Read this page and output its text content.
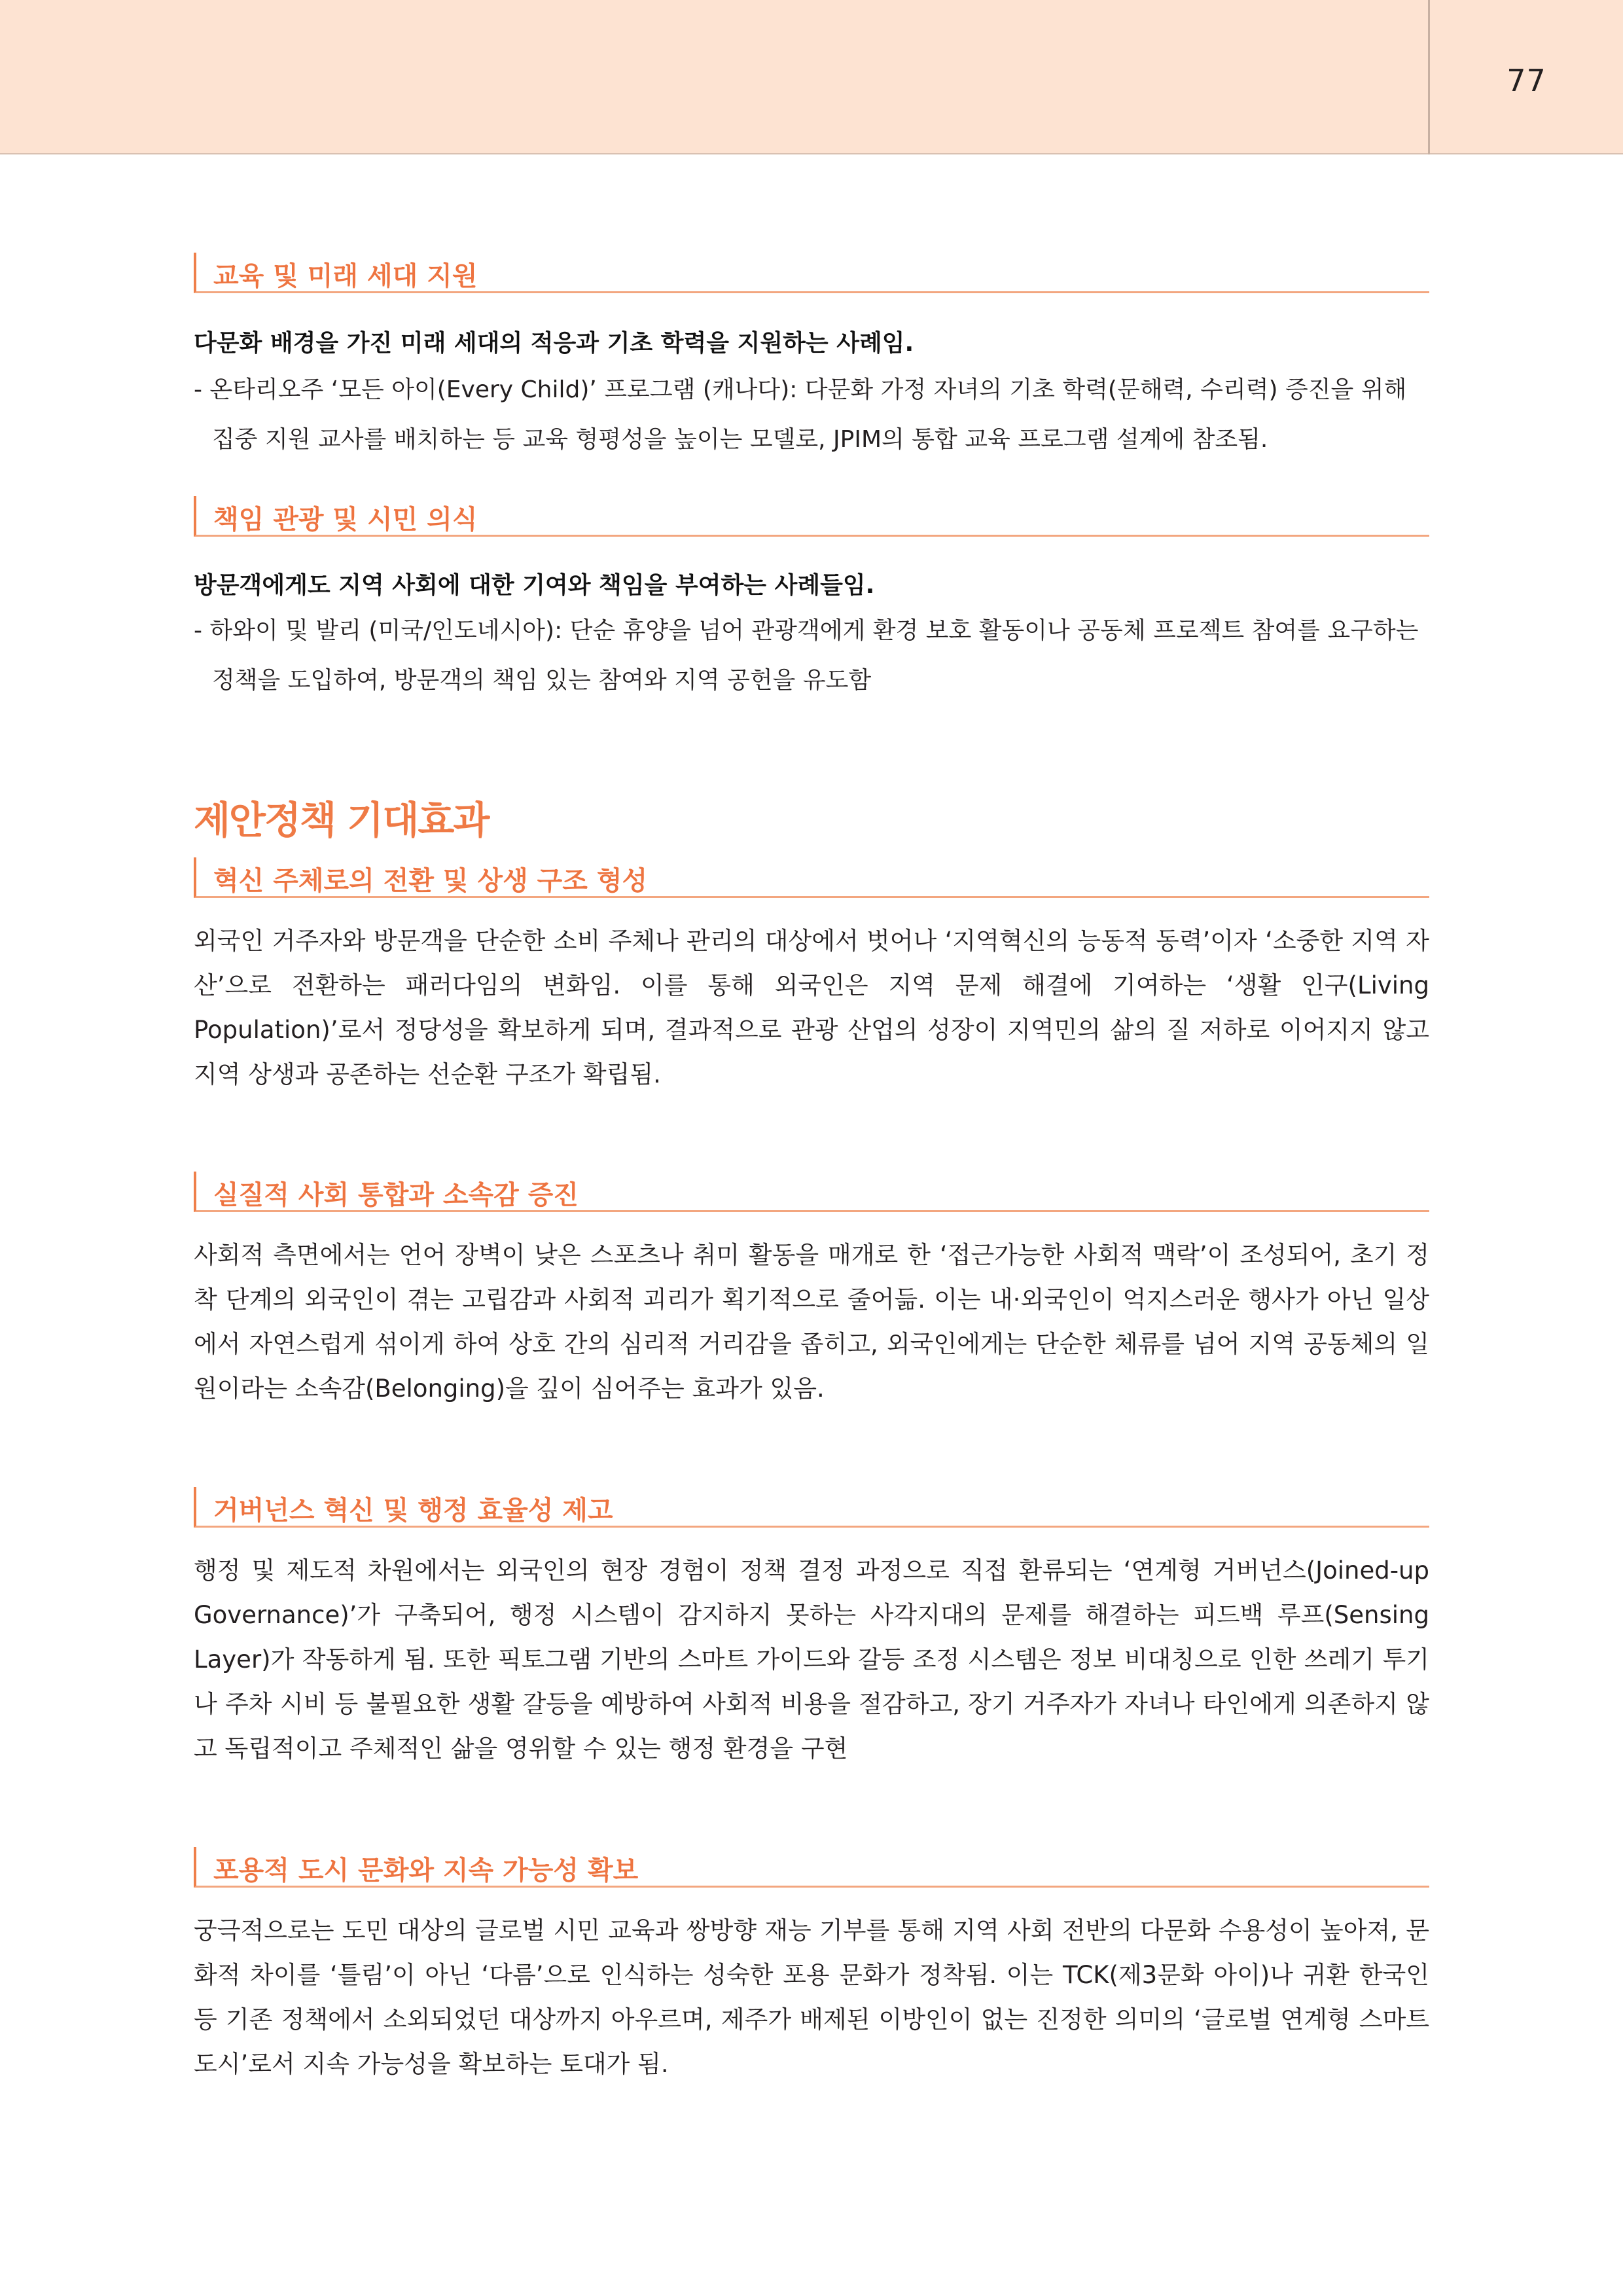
77
교육 및 미래 세대 지원
다문화 배경을 가진 미래 세대의 적응과 기초 학력을 지원하는 사례임.
- 온타리오주 ‘모든 아이(Every Child)’ 프로그램 (캐나다): 다문화 가정 자녀의 기초 학력(문해력, 수리력) 증진을 위해 집중 지원 교사를 배치하는 등 교육 형평성을 높이는 모델로, JPIM의 통합 교육 프로그램 설계에 참조됨.
책임 관광 및 시민 의식
방문객에게도 지역 사회에 대한 기여와 책임을 부여하는 사례들임.
- 하와이 및 발리 (미국/인도네시아): 단순 휴양을 넘어 관광객에게 환경 보호 활동이나 공동체 프로젝트 참여를 요구하는 정책을 도입하여, 방문객의 책임 있는 참여와 지역 공헌을 유도함
제안정책 기대효과
혁신 주체로의 전환 및 상생 구조 형성
외국인 거주자와 방문객을 단순한 소비 주체나 관리의 대상에서 벗어나 ‘지역혁신의 능동적 동력’이자 ‘소중한 지역 자산’으로 전환하는 패러다임의 변화임. 이를 통해 외국인은 지역 문제 해결에 기여하는 ‘생활 인구(Living Population)’로서 정당성을 확보하게 되며, 결과적으로 관광 산업의 성장이 지역민의 삶의 질 저하로 이어지지 않고 지역 상생과 공존하는 선순환 구조가 확립됨.
실질적 사회 통합과 소속감 증진
사회적 측면에서는 언어 장벽이 낮은 스포츠나 취미 활동을 매개로 한 ‘접근가능한 사회적 맥락’이 조성되어, 초기 정착 단계의 외국인이 겪는 고립감과 사회적 괴리가 획기적으로 줄어듦. 이는 내·외국인이 억지스러운 행사가 아닌 일상에서 자연스럽게 섞이게 하여 상호 간의 심리적 거리감을 좁히고, 외국인에게는 단순한 체류를 넘어 지역 공동체의 일원이라는 소속감(Belonging)을 깊이 심어주는 효과가 있음.
거버넌스 혁신 및 행정 효율성 제고
행정 및 제도적 차원에서는 외국인의 현장 경험이 정책 결정 과정으로 직접 환류되는 ‘연계형 거버넌스(Joined-up Governance)’가 구축되어, 행정 시스템이 감지하지 못하는 사각지대의 문제를 해결하는 피드백 루프(Sensing Layer)가 작동하게 됨. 또한 픽토그램 기반의 스마트 가이드와 갈등 조정 시스템은 정보 비대칭으로 인한 쓰레기 투기나 주차 시비 등 불필요한 생활 갈등을 예방하여 사회적 비용을 절감하고, 장기 거주자가 자녀나 타인에게 의존하지 않고 독립적이고 주체적인 삶을 영위할 수 있는 행정 환경을 구현
포용적 도시 문화와 지속 가능성 확보
궁극적으로는 도민 대상의 글로벌 시민 교육과 쌍방향 재능 기부를 통해 지역 사회 전반의 다문화 수용성이 높아져, 문화적 차이를 ‘틀림’이 아닌 ‘다름’으로 인식하는 성숙한 포용 문화가 정착됨. 이는 TCK(제3문화 아이)나 귀환 한국인 등 기존 정책에서 소외되었던 대상까지 아우르며, 제주가 배제된 이방인이 없는 진정한 의미의 ‘글로벌 연계형 스마트 도시’로서 지속 가능성을 확보하는 토대가 됨.
